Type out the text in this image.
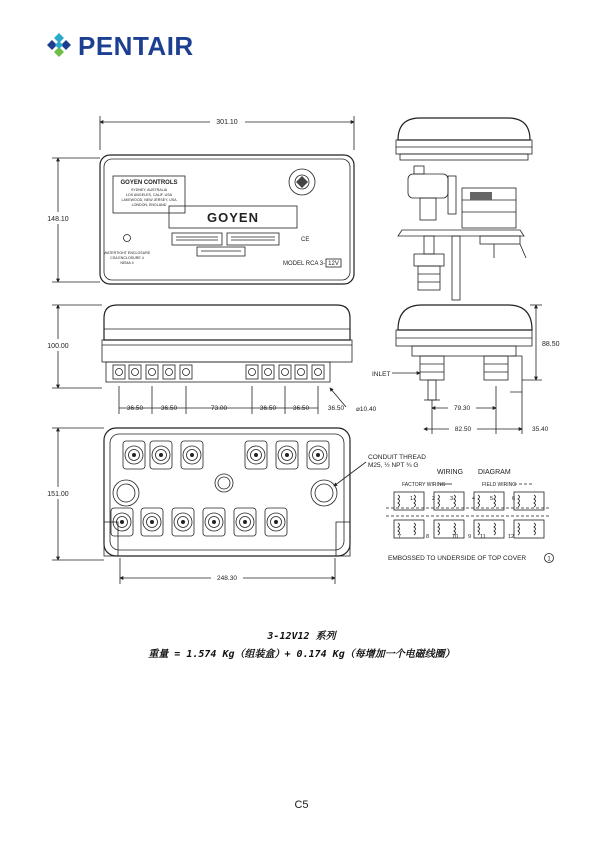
PENTAIR
301.10
148.10
GOYEN CONTROLS
SYDNEY, AUSTRALIA
LOS ANGELES, CALIF. USA
LAKEWOOD, NEW JERSEY, USA
LONDON, ENGLAND
GOYEN
CE
WATERTIGHT ENCLOSURE
CSA ENCLOSURE 4
NEMA 4	MODEL RCA 3- 12V
100.00
36.50	36.50	73.00	36.50	36.50	36.50 ⌀10.40
88.50
INLET
79.30
82.50	35.40
151.00
248.30
CONDUIT THREAD
M25, ½ NPT ¾ G
WIRING DIAGRAM
FACTORY WIRING	FIELD WIRING
1	2	3	4	5	6
7	8	9
10	11	12
EMBOSSED TO UNDERSIDE OF TOP COVER	1
3-12V12 系列
重量 = 1.574 Kg（组装盒）+ 0.174 Kg（每增加一个电磁线圈）
C5
